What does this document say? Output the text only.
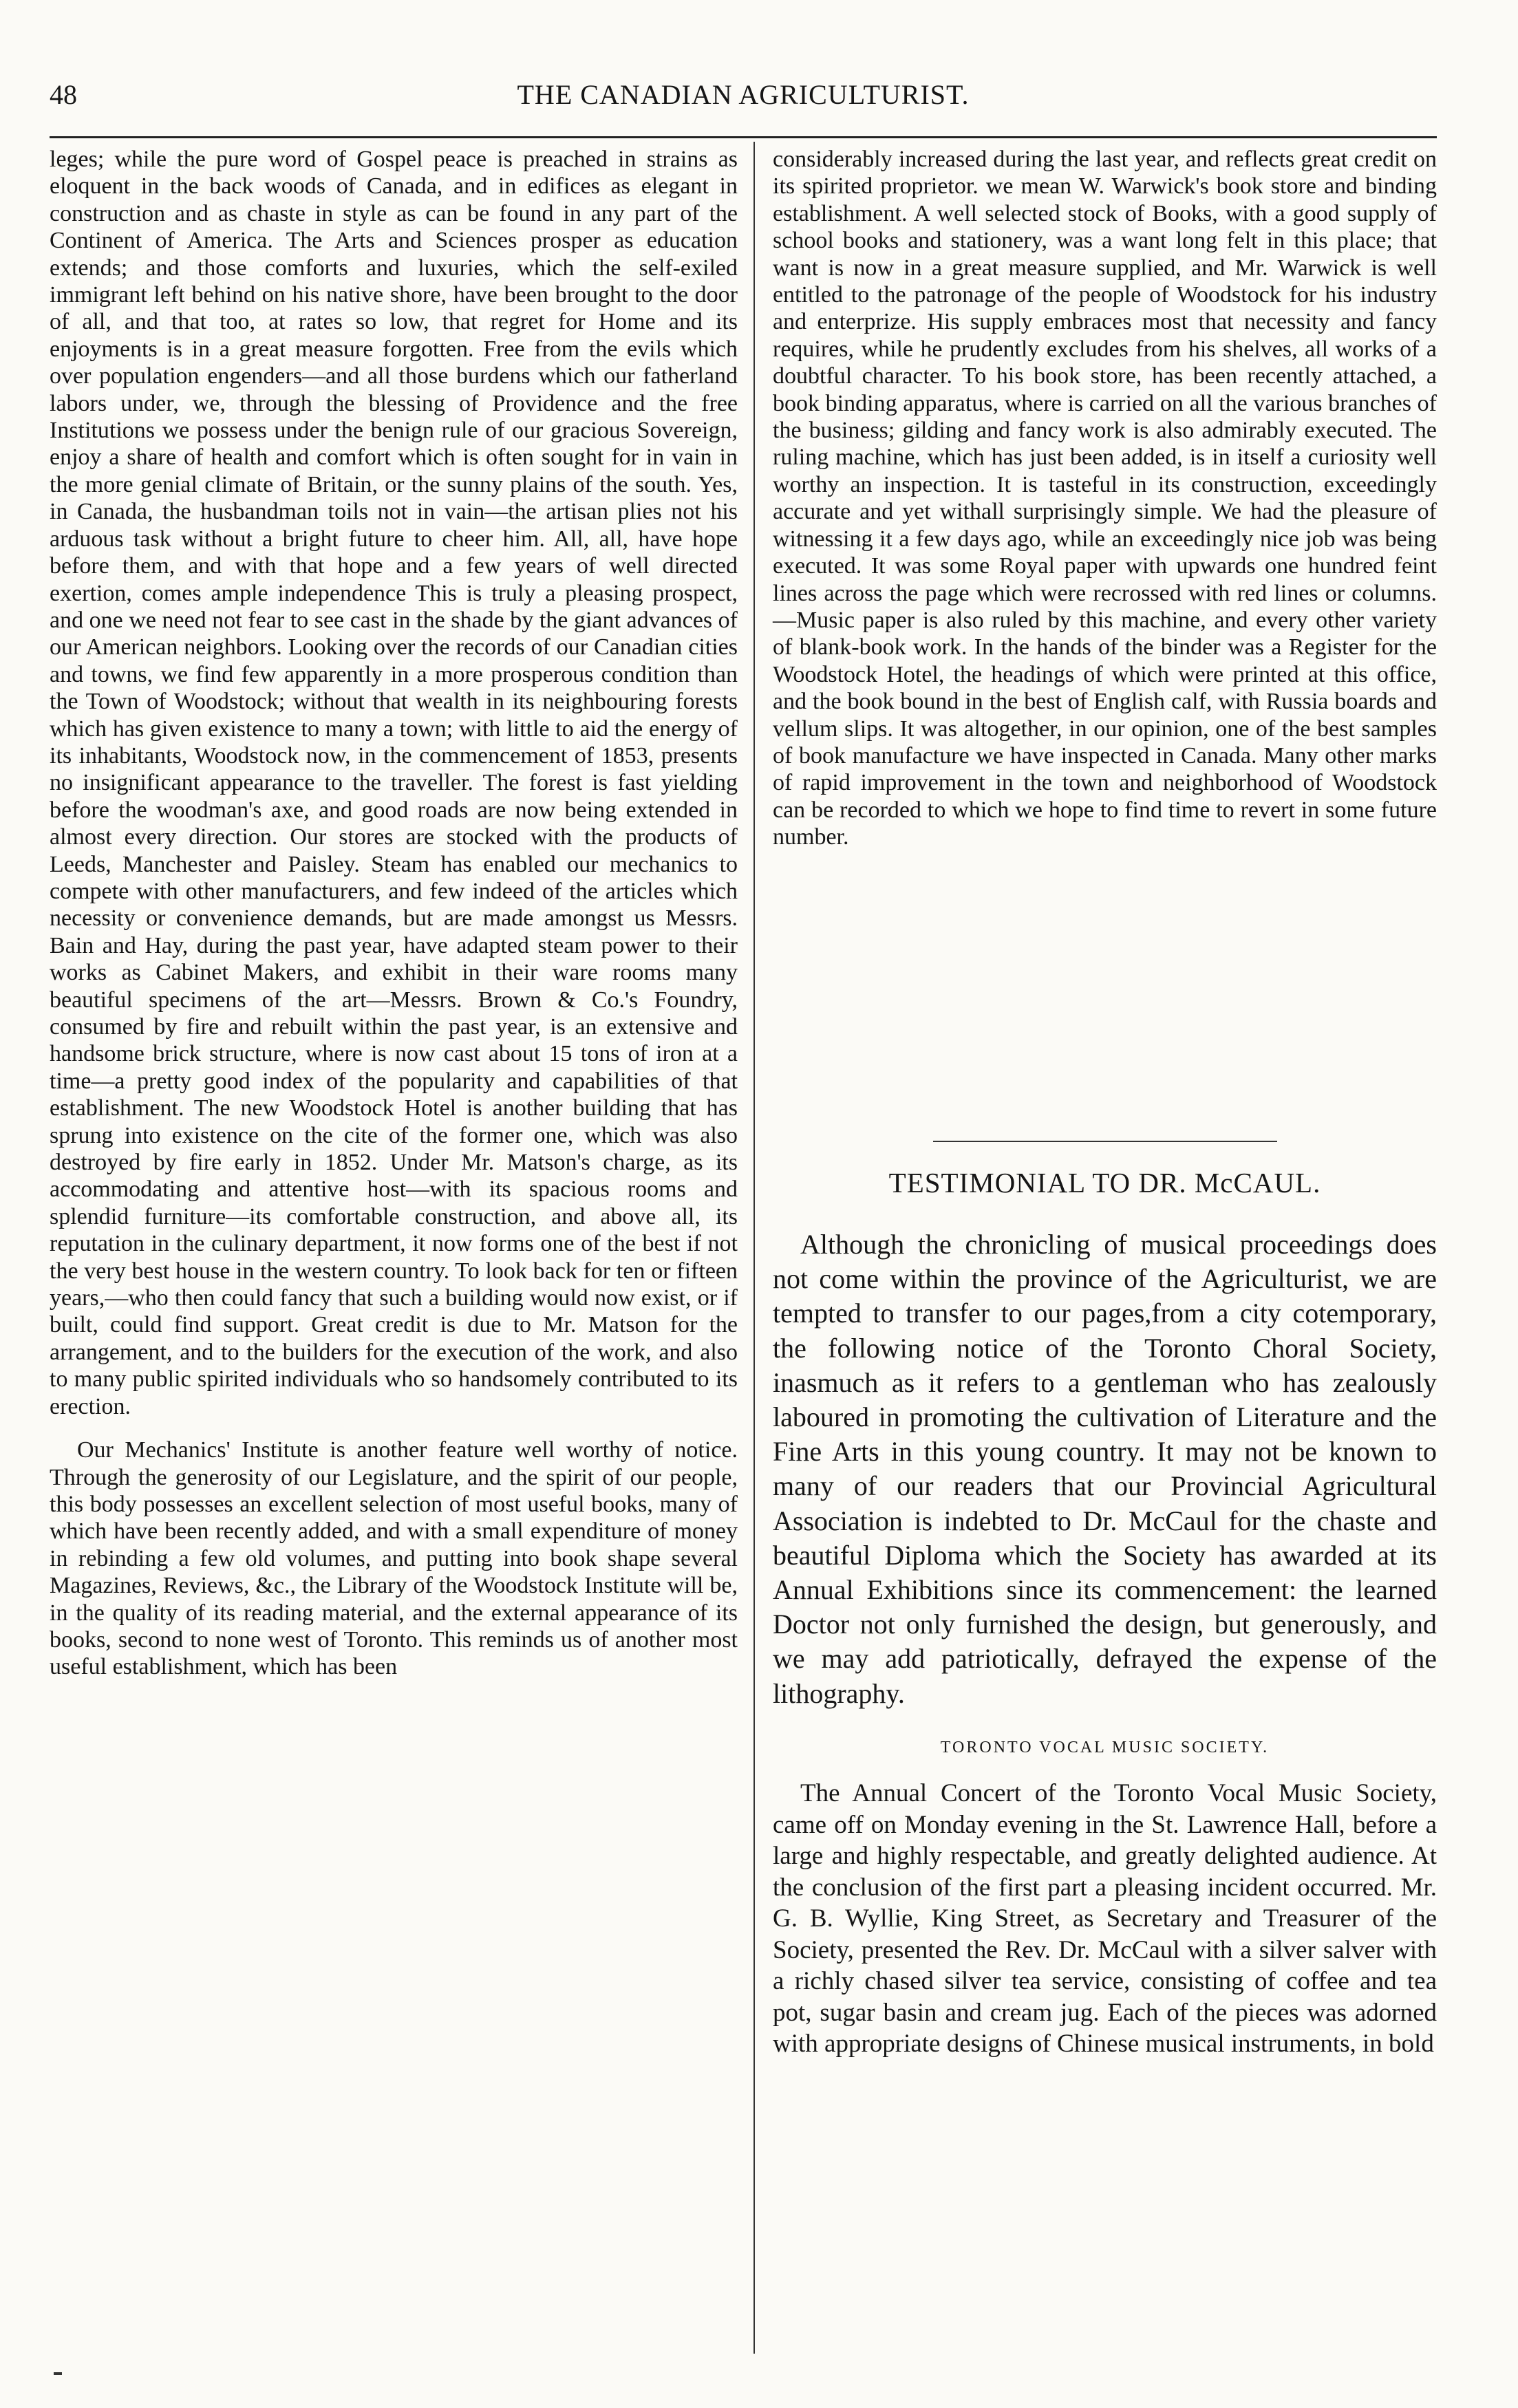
48	THE CANADIAN AGRICULTURIST.

leges; while the pure word of Gospel peace is preached in strains as eloquent in the back woods of Canada, and in edifices as elegant in construction and as chaste in style as can be found in any part of the Continent of America. The Arts and Sciences prosper as education extends; and those comforts and luxuries, which the self-exiled immigrant left behind on his native shore, have been brought to the door of all, and that too, at rates so low, that regret for Home and its enjoyments is in a great measure forgotten. Free from the evils which over population engenders—and all those burdens which our fatherland labors under, we, through the blessing of Providence and the free Institutions we possess under the benign rule of our gracious Sovereign, enjoy a share of health and comfort which is often sought for in vain in the more genial climate of Britain, or the sunny plains of the south. Yes, in Canada, the husbandman toils not in vain—the artisan plies not his arduous task without a bright future to cheer him. All, all, have hope before them, and with that hope and a few years of well directed exertion, comes ample independence This is truly a pleasing prospect, and one we need not fear to see cast in the shade by the giant advances of our American neighbors. Looking over the records of our Canadian cities and towns, we find few apparently in a more prosperous condition than the Town of Woodstock; without that wealth in its neighbouring forests which has given existence to many a town; with little to aid the energy of its inhabitants, Woodstock now, in the commencement of 1853, presents no insignificant appearance to the traveller. The forest is fast yielding before the woodman's axe, and good roads are now being extended in almost every direction. Our stores are stocked with the products of Leeds, Manchester and Paisley. Steam has enabled our mechanics to compete with other manufacturers, and few indeed of the articles which necessity or convenience demands, but are made amongst us Messrs. Bain and Hay, during the past year, have adapted steam power to their works as Cabinet Makers, and exhibit in their ware rooms many beautiful specimens of the art—Messrs. Brown & Co.'s Foundry, consumed by fire and rebuilt within the past year, is an extensive and handsome brick structure, where is now cast about 15 tons of iron at a time—a pretty good index of the popularity and capabilities of that establishment. The new Woodstock Hotel is another building that has sprung into existence on the cite of the former one, which was also destroyed by fire early in 1852. Under Mr. Matson's charge, as its accommodating and attentive host—with its spacious rooms and splendid furniture—its comfortable construction, and above all, its reputation in the culinary department, it now forms one of the best if not the very best house in the western country. To look back for ten or fifteen years,—who then could fancy that such a building would now exist, or if built, could find support. Great credit is due to Mr. Matson for the arrangement, and to the builders for the execution of the work, and also to many public spirited individuals who so handsomely contributed to its erection.

Our Mechanics' Institute is another feature well worthy of notice. Through the generosity of our Legislature, and the spirit of our people, this body possesses an excellent selection of most useful books, many of which have been recently added, and with a small expenditure of money in rebinding a few old volumes, and putting into book shape several Magazines, Reviews, &c., the Library of the Woodstock Institute will be, in the quality of its reading material, and the external appearance of its books, second to none west of Toronto. This reminds us of another most useful establishment, which has been

considerably increased during the last year, and reflects great credit on its spirited proprietor. we mean W. Warwick's book store and binding establishment. A well selected stock of Books, with a good supply of school books and stationery, was a want long felt in this place; that want is now in a great measure supplied, and Mr. Warwick is well entitled to the patronage of the people of Woodstock for his industry and enterprize. His supply embraces most that necessity and fancy requires, while he prudently excludes from his shelves, all works of a doubtful character. To his book store, has been recently attached, a book binding apparatus, where is carried on all the various branches of the business; gilding and fancy work is also admirably executed. The ruling machine, which has just been added, is in itself a curiosity well worthy an inspection. It is tasteful in its construction, exceedingly accurate and yet withall surprisingly simple. We had the pleasure of witnessing it a few days ago, while an exceedingly nice job was being executed. It was some Royal paper with upwards one hundred feint lines across the page which were recrossed with red lines or columns.—Music paper is also ruled by this machine, and every other variety of blank-book work. In the hands of the binder was a Register for the Woodstock Hotel, the headings of which were printed at this office, and the book bound in the best of English calf, with Russia boards and vellum slips. It was altogether, in our opinion, one of the best samples of book manufacture we have inspected in Canada. Many other marks of rapid improvement in the town and neighborhood of Woodstock can be recorded to which we hope to find time to revert in some future number.

TESTIMONIAL TO DR. McCAUL.

Although the chronicling of musical proceedings does not come within the province of the Agriculturist, we are tempted to transfer to our pages,from a city cotemporary, the following notice of the Toronto Choral Society, inasmuch as it refers to a gentleman who has zealously laboured in promoting the cultivation of Literature and the Fine Arts in this young country. It may not be known to many of our readers that our Provincial Agricultural Association is indebted to Dr. McCaul for the chaste and beautiful Diploma which the Society has awarded at its Annual Exhibitions since its commencement: the learned Doctor not only furnished the design, but generously, and we may add patriotically, defrayed the expense of the lithography.

TORONTO VOCAL MUSIC SOCIETY.

The Annual Concert of the Toronto Vocal Music Society, came off on Monday evening in the St. Lawrence Hall, before a large and highly respectable, and greatly delighted audience. At the conclusion of the first part a pleasing incident occurred. Mr. G. B. Wyllie, King Street, as Secretary and Treasurer of the Society, presented the Rev. Dr. McCaul with a silver salver with a richly chased silver tea service, consisting of coffee and tea pot, sugar basin and cream jug. Each of the pieces was adorned with appropriate designs of Chinese musical instruments, in bold
